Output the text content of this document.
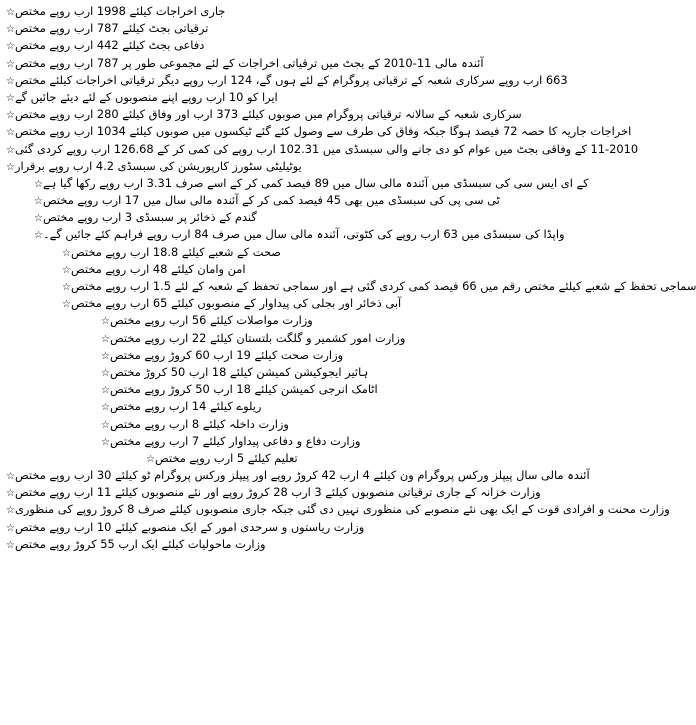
☆جاری اخراجات کیلئے 1998 ارب روپے مختص
☆ترقیاتی بجٹ کیلئے 787 ارب روپے مختص
☆دفاعی بجٹ کیلئے 442 ارب روپے مختص
☆آئندہ مالی 11-2010 کے بجٹ میں ترقیاتی اخراجات کے لئے مجموعی طور پر 787 ارب روپے مختص
☆663 ارب روپے سرکاری شعبہ کے ترقیاتی پروگرام کے لئے ہوں گے، 124 ارب روپے دیگر ترقیاتی اخراجات کیلئے مختص
☆ایرا کو 10 ارب روپے اپنے منصوبوں کے لئے دیئے جائیں گے
☆سرکاری شعبہ کے سالانہ ترقیاتی پروگرام میں صوبوں کیلئے 373 ارب اور وفاق کیلئے 280 ارب روپے مختص
☆اخراجات جاریہ کا حصہ 72 فیصد ہوگا جبکہ وفاق کی طرف سے وصول کئے گئے ٹیکسوں میں صوبوں کیلئے 1034 ارب روپے مختص
☆11-2010 کے وفاقی بجٹ میں عوام کو دی جانے والی سبسڈی میں 102.31 ارب روپے کی کمی کر کے 126.68 ارب روپے کردی گئی
☆یوٹیلیٹی سٹورز کارپوریشن کی سبسڈی 4.2 ارب روپے برقرار
☆کے ای ایس سی کی سبسڈی میں آئندہ مالی سال میں 89 فیصد کمی کر کے اسے صرف 3.31 ارب روپے رکھا گیا ہے
☆ٹی سی پی کی سبسڈی میں بھی 45 فیصد کمی کر کے آئندہ مالی سال میں 17 ارب روپے مختص
☆گندم کے ذخائر پر سبسڈی 3 ارب روپے مختص
☆واپڈا کی سبسڈی میں 63 ارب روپے کی کٹوتی، آئندہ مالی سال میں صرف 84 ارب روپے فراہم کئے جائیں گے۔
☆صحت کے شعبے کیلئے 18.8 ارب روپے مختص
☆امن وامان کیلئے 48 ارب روپے مختص
☆سماجی تحفظ کے شعبے کیلئے مختص رقم میں 66 فیصد کمی کردی گئی ہے اور سماجی تحفظ کے شعبہ کے لئے 1.5 ارب روپے مختص
☆آبی ذخائر اور بجلی کی پیداوار کے منصوبوں کیلئے 65 ارب روپے مختص
☆وزارت مواصلات کیلئے 56 ارب روپے مختص
☆وزارت امور کشمیر و گلگت بلتستان کیلئے 22 ارب روپے مختص
☆وزارت صحت کیلئے 19 ارب 60 کروڑ روپے مختص
☆ہائیر ایجوکیشن کمیشن کیلئے 18 ارب 50 کروڑ مختص
☆اٹامک انرجی کمیشن کیلئے 18 ارب 50 کروڑ روپے مختص
☆ریلوے کیلئے 14 ارب روپے مختص
☆وزارت داخلہ کیلئے 8 ارب روپے مختص
☆وزارت دفاع و دفاعی پیداوار کیلئے 7 ارب روپے مختص
☆تعلیم کیلئے 5 ارب روپے مختص
☆آئندہ مالی سال پیپلز ورکس پروگرام ون کیلئے 4 ارب 42 کروڑ روپے اور پیپلز ورکس پروگرام ٹو کیلئے 30 ارب روپے مختص
☆وزارت خزانہ کے جاری ترقیاتی منصوبوں کیلئے 3 ارب 28 کروڑ روپے اور نئے منصوبوں کیلئے 11 ارب روپے مختص
☆وزارت محنت و افرادی قوت کے ایک بھی نئے منصوبے کی منظوری نہیں دی گئی جبکہ جاری منصوبوں کیلئے صرف 8 کروڑ روپے کی منظوری
☆وزارت ریاستوں و سرحدی امور کے ایک منصوبے کیلئے 10 ارب روپے مختص
☆وزارت ماحولیات کیلئے ایک ارب 55 کروڑ روپے مختص
